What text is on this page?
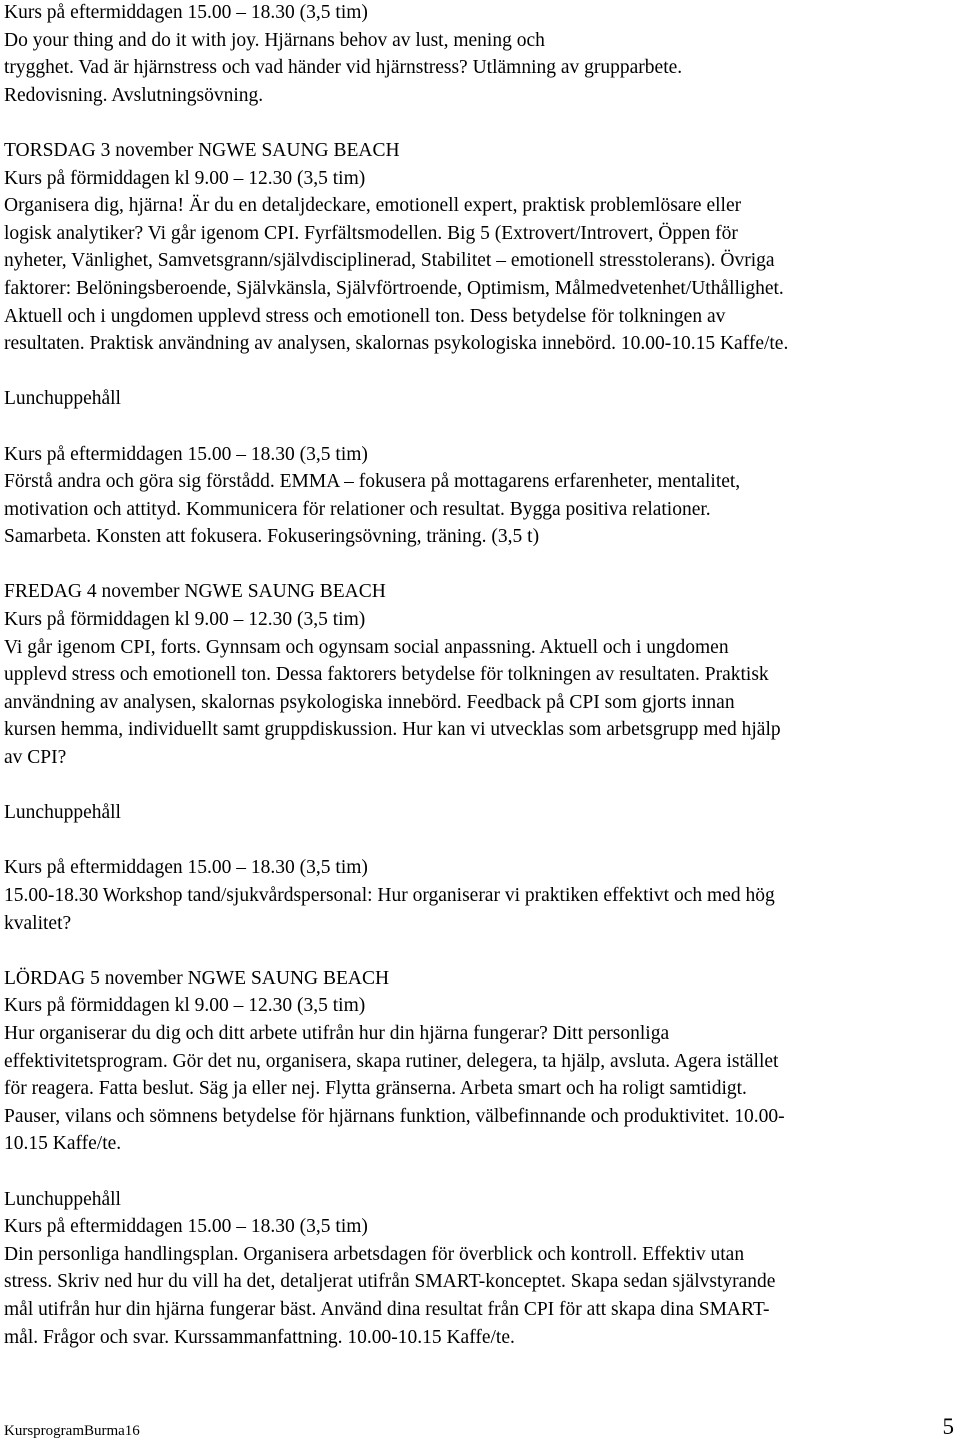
Kurs på eftermiddagen 15.00 – 18.30 (3,5 tim)
Do your thing and do it with joy. Hjärnans behov av lust, mening och
trygghet. Vad är hjärnstress och vad händer vid hjärnstress? Utlämning av grupparbete.
Redovisning. Avslutningsövning.
TORSDAG 3 november NGWE SAUNG BEACH
Kurs på förmiddagen kl 9.00 – 12.30 (3,5 tim)
Organisera dig, hjärna! Är du en detaljdeckare, emotionell expert, praktisk problemlösare eller
logisk analytiker? Vi går igenom CPI. Fyrfältsmodellen. Big 5 (Extrovert/Introvert, Öppen för
nyheter, Vänlighet, Samvetsgrann/självdisciplinerad, Stabilitet – emotionell stresstolerans). Övriga
faktorer: Belöningsberoende, Självkänsla, Självförtroende, Optimism, Målmedvetenhet/Uthållighet.
Aktuell och i ungdomen upplevd stress och emotionell ton. Dess betydelse för tolkningen av
resultaten. Praktisk användning av analysen, skalornas psykologiska innebörd. 10.00-10.15 Kaffe/te.
Lunchuppehåll
Kurs på eftermiddagen 15.00 – 18.30 (3,5 tim)
Förstå andra och göra sig förstådd. EMMA – fokusera på mottagarens erfarenheter, mentalitet,
motivation och attityd. Kommunicera för relationer och resultat. Bygga positiva relationer.
Samarbeta. Konsten att fokusera. Fokuseringsövning, träning. (3,5 t)
FREDAG 4 november NGWE SAUNG BEACH
Kurs på förmiddagen kl 9.00 – 12.30 (3,5 tim)
Vi går igenom CPI, forts. Gynnsam och ogynsam social anpassning. Aktuell och i ungdomen
upplevd stress och emotionell ton. Dessa faktorers betydelse för tolkningen av resultaten. Praktisk
användning av analysen, skalornas psykologiska innebörd. Feedback på CPI som gjorts innan
kursen hemma, individuellt samt gruppdiskussion. Hur kan vi utvecklas som arbetsgrupp med hjälp
av CPI?
Lunchuppehåll
Kurs på eftermiddagen 15.00 – 18.30 (3,5 tim)
15.00-18.30 Workshop tand/sjukvårdspersonal: Hur organiserar vi praktiken effektivt och med hög
kvalitet?
LÖRDAG 5 november NGWE SAUNG BEACH
Kurs på förmiddagen kl 9.00 – 12.30 (3,5 tim)
Hur organiserar du dig och ditt arbete utifrån hur din hjärna fungerar? Ditt personliga
effektivitetsprogram. Gör det nu, organisera, skapa rutiner, delegera, ta hjälp, avsluta. Agera istället
för reagera. Fatta beslut. Säg ja eller nej. Flytta gränserna. Arbeta smart och ha roligt samtidigt.
Pauser, vilans och sömnens betydelse för hjärnans funktion, välbefinnande och produktivitet. 10.00-
10.15 Kaffe/te.
Lunchuppehåll
Kurs på eftermiddagen 15.00 – 18.30 (3,5 tim)
Din personliga handlingsplan. Organisera arbetsdagen för överblick och kontroll. Effektiv utan
stress. Skriv ned hur du vill ha det, detaljerat utifrån SMART-konceptet. Skapa sedan självstyrande
mål utifrån hur din hjärna fungerar bäst. Använd dina resultat från CPI för att skapa dina SMART-
mål. Frågor och svar. Kurssammanfattning. 10.00-10.15 Kaffe/te.
KursprogramBurma16	5
